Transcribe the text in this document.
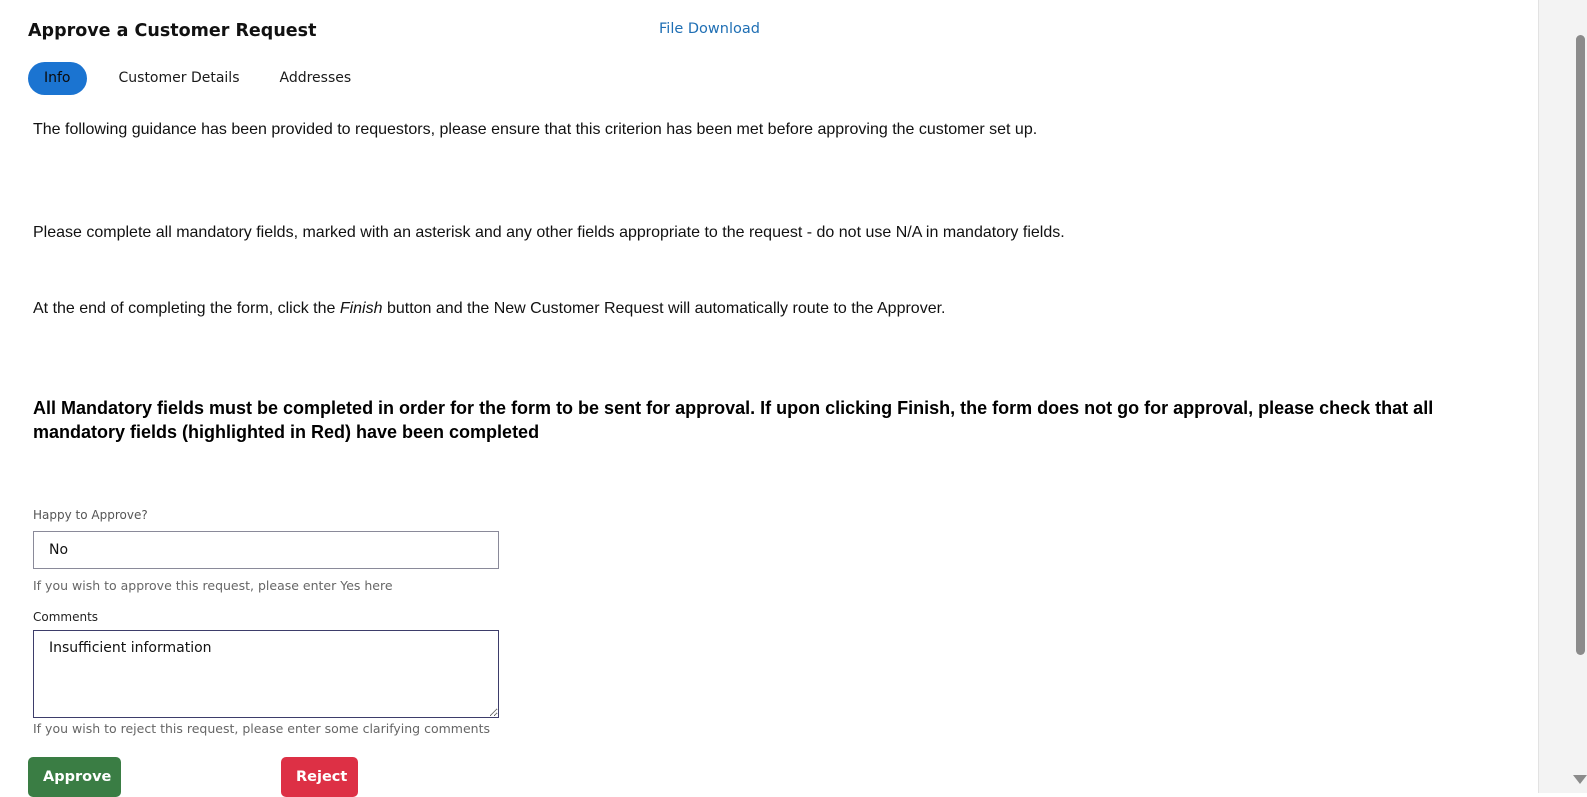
Approve a Customer Request	File Download
Info	Customer Details	Addresses

The following guidance has been provided to requestors, please ensure that this criterion has been met before approving the customer set up.

Please complete all mandatory fields, marked with an asterisk and any other fields appropriate to the request - do not use N/A in mandatory fields.

At the end of completing the form, click the Finish button and the New Customer Request will automatically route to the Approver.

All Mandatory fields must be completed in order for the form to be sent for approval. If upon clicking Finish, the form does not go for approval, please check that all mandatory fields (highlighted in Red) have been completed

Happy to Approve?
No

If you wish to approve this request, please enter Yes here

Comments
Insufficient information

If you wish to reject this request, please enter some clarifying comments

Approve	Reject
